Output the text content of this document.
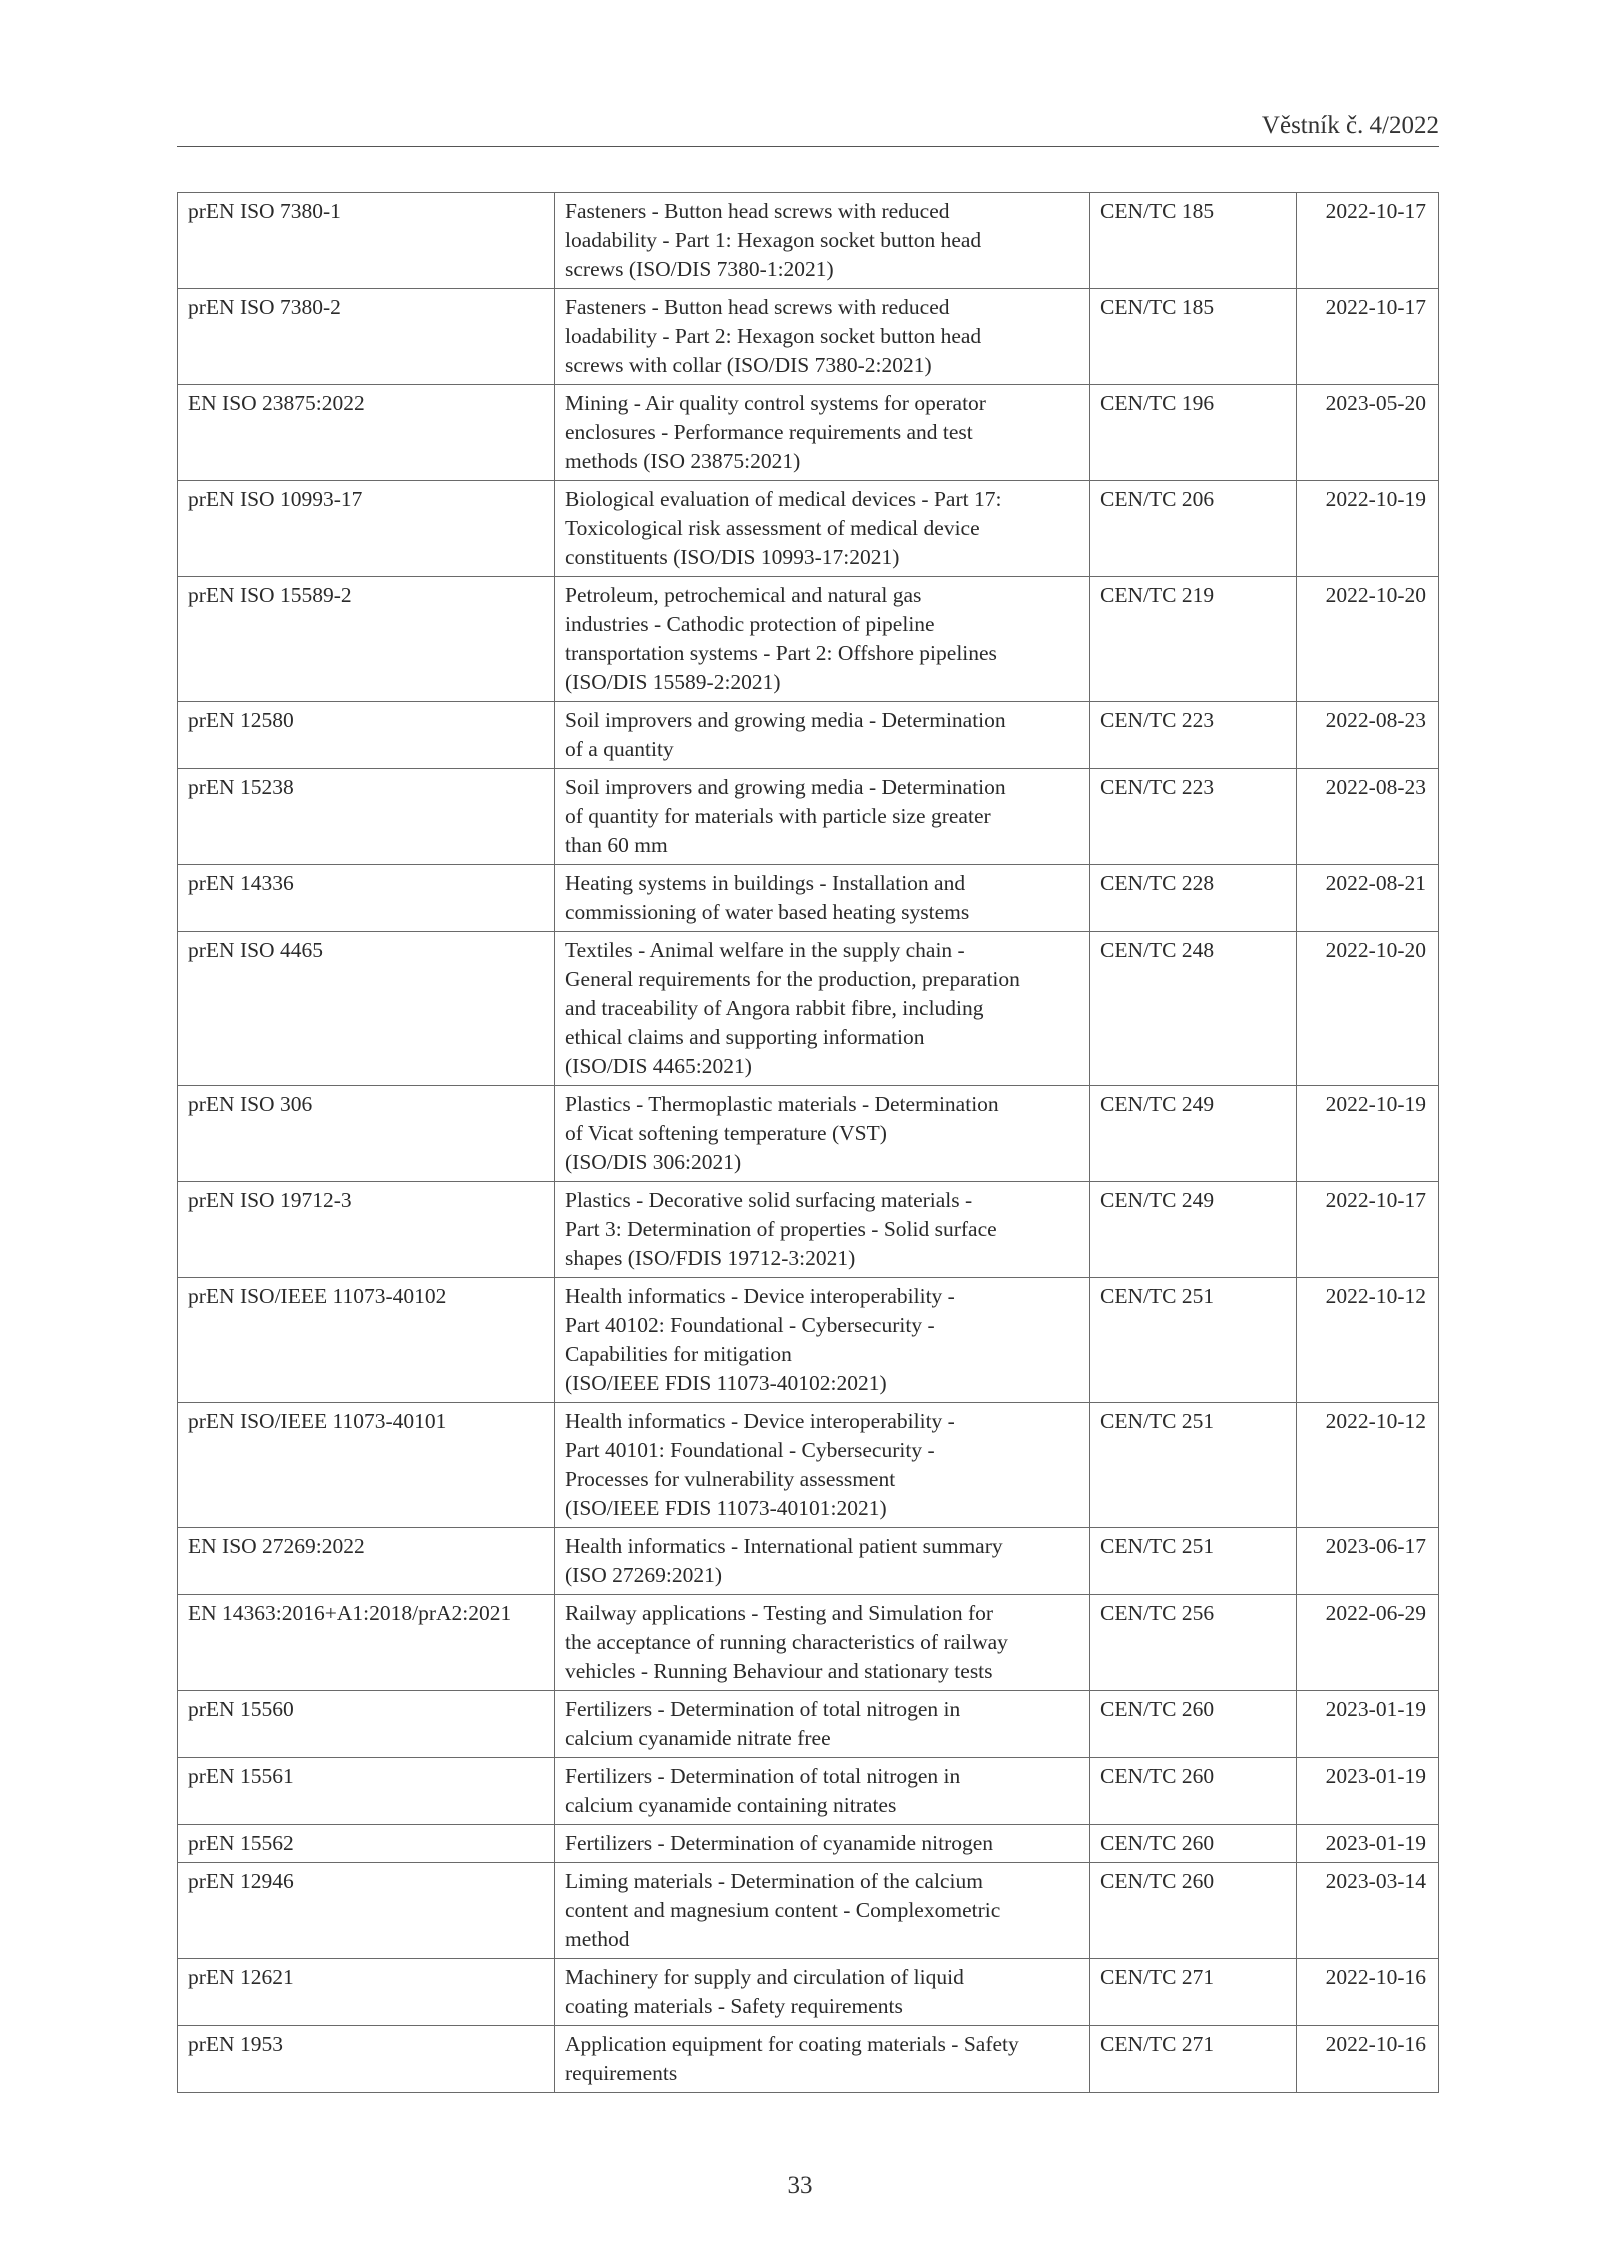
Věstník č. 4/2022
prEN ISO 7380-1	Fasteners - Button head screws with reduced
loadability - Part 1: Hexagon socket button head
screws (ISO/DIS 7380-1:2021)	CEN/TC 185	2022-10-17
prEN ISO 7380-2	Fasteners - Button head screws with reduced
loadability - Part 2: Hexagon socket button head
screws with collar (ISO/DIS 7380-2:2021)	CEN/TC 185	2022-10-17
EN ISO 23875:2022	Mining - Air quality control systems for operator
enclosures - Performance requirements and test
methods (ISO 23875:2021)	CEN/TC 196	2023-05-20
prEN ISO 10993-17	Biological evaluation of medical devices - Part 17:
Toxicological risk assessment of medical device
constituents (ISO/DIS 10993-17:2021)	CEN/TC 206	2022-10-19
prEN ISO 15589-2	Petroleum, petrochemical and natural gas
industries - Cathodic protection of pipeline
transportation systems - Part 2: Offshore pipelines
(ISO/DIS 15589-2:2021)	CEN/TC 219	2022-10-20
prEN 12580	Soil improvers and growing media - Determination
of a quantity	CEN/TC 223	2022-08-23
prEN 15238	Soil improvers and growing media - Determination
of quantity for materials with particle size greater
than 60 mm	CEN/TC 223	2022-08-23
prEN 14336	Heating systems in buildings - Installation and
commissioning of water based heating systems	CEN/TC 228	2022-08-21
prEN ISO 4465	Textiles - Animal welfare in the supply chain -
General requirements for the production, preparation
and traceability of Angora rabbit fibre, including
ethical claims and supporting information
(ISO/DIS 4465:2021)	CEN/TC 248	2022-10-20
prEN ISO 306	Plastics - Thermoplastic materials - Determination
of Vicat softening temperature (VST)
(ISO/DIS 306:2021)	CEN/TC 249	2022-10-19
prEN ISO 19712-3	Plastics - Decorative solid surfacing materials -
Part 3: Determination of properties - Solid surface
shapes (ISO/FDIS 19712-3:2021)	CEN/TC 249	2022-10-17
prEN ISO/IEEE 11073-40102	Health informatics - Device interoperability -
Part 40102: Foundational - Cybersecurity -
Capabilities for mitigation
(ISO/IEEE FDIS 11073-40102:2021)	CEN/TC 251	2022-10-12
prEN ISO/IEEE 11073-40101	Health informatics - Device interoperability -
Part 40101: Foundational - Cybersecurity -
Processes for vulnerability assessment
(ISO/IEEE FDIS 11073-40101:2021)	CEN/TC 251	2022-10-12
EN ISO 27269:2022	Health informatics - International patient summary
(ISO 27269:2021)	CEN/TC 251	2023-06-17
EN 14363:2016+A1:2018/prA2:2021	Railway applications - Testing and Simulation for
the acceptance of running characteristics of railway
vehicles - Running Behaviour and stationary tests	CEN/TC 256	2022-06-29
prEN 15560	Fertilizers - Determination of total nitrogen in
calcium cyanamide nitrate free	CEN/TC 260	2023-01-19
prEN 15561	Fertilizers - Determination of total nitrogen in
calcium cyanamide containing nitrates	CEN/TC 260	2023-01-19
prEN 15562	Fertilizers - Determination of cyanamide nitrogen	CEN/TC 260	2023-01-19
prEN 12946	Liming materials - Determination of the calcium
content and magnesium content - Complexometric
method	CEN/TC 260	2023-03-14
prEN 12621	Machinery for supply and circulation of liquid
coating materials - Safety requirements	CEN/TC 271	2022-10-16
prEN 1953	Application equipment for coating materials - Safety
requirements	CEN/TC 271	2022-10-16
33
